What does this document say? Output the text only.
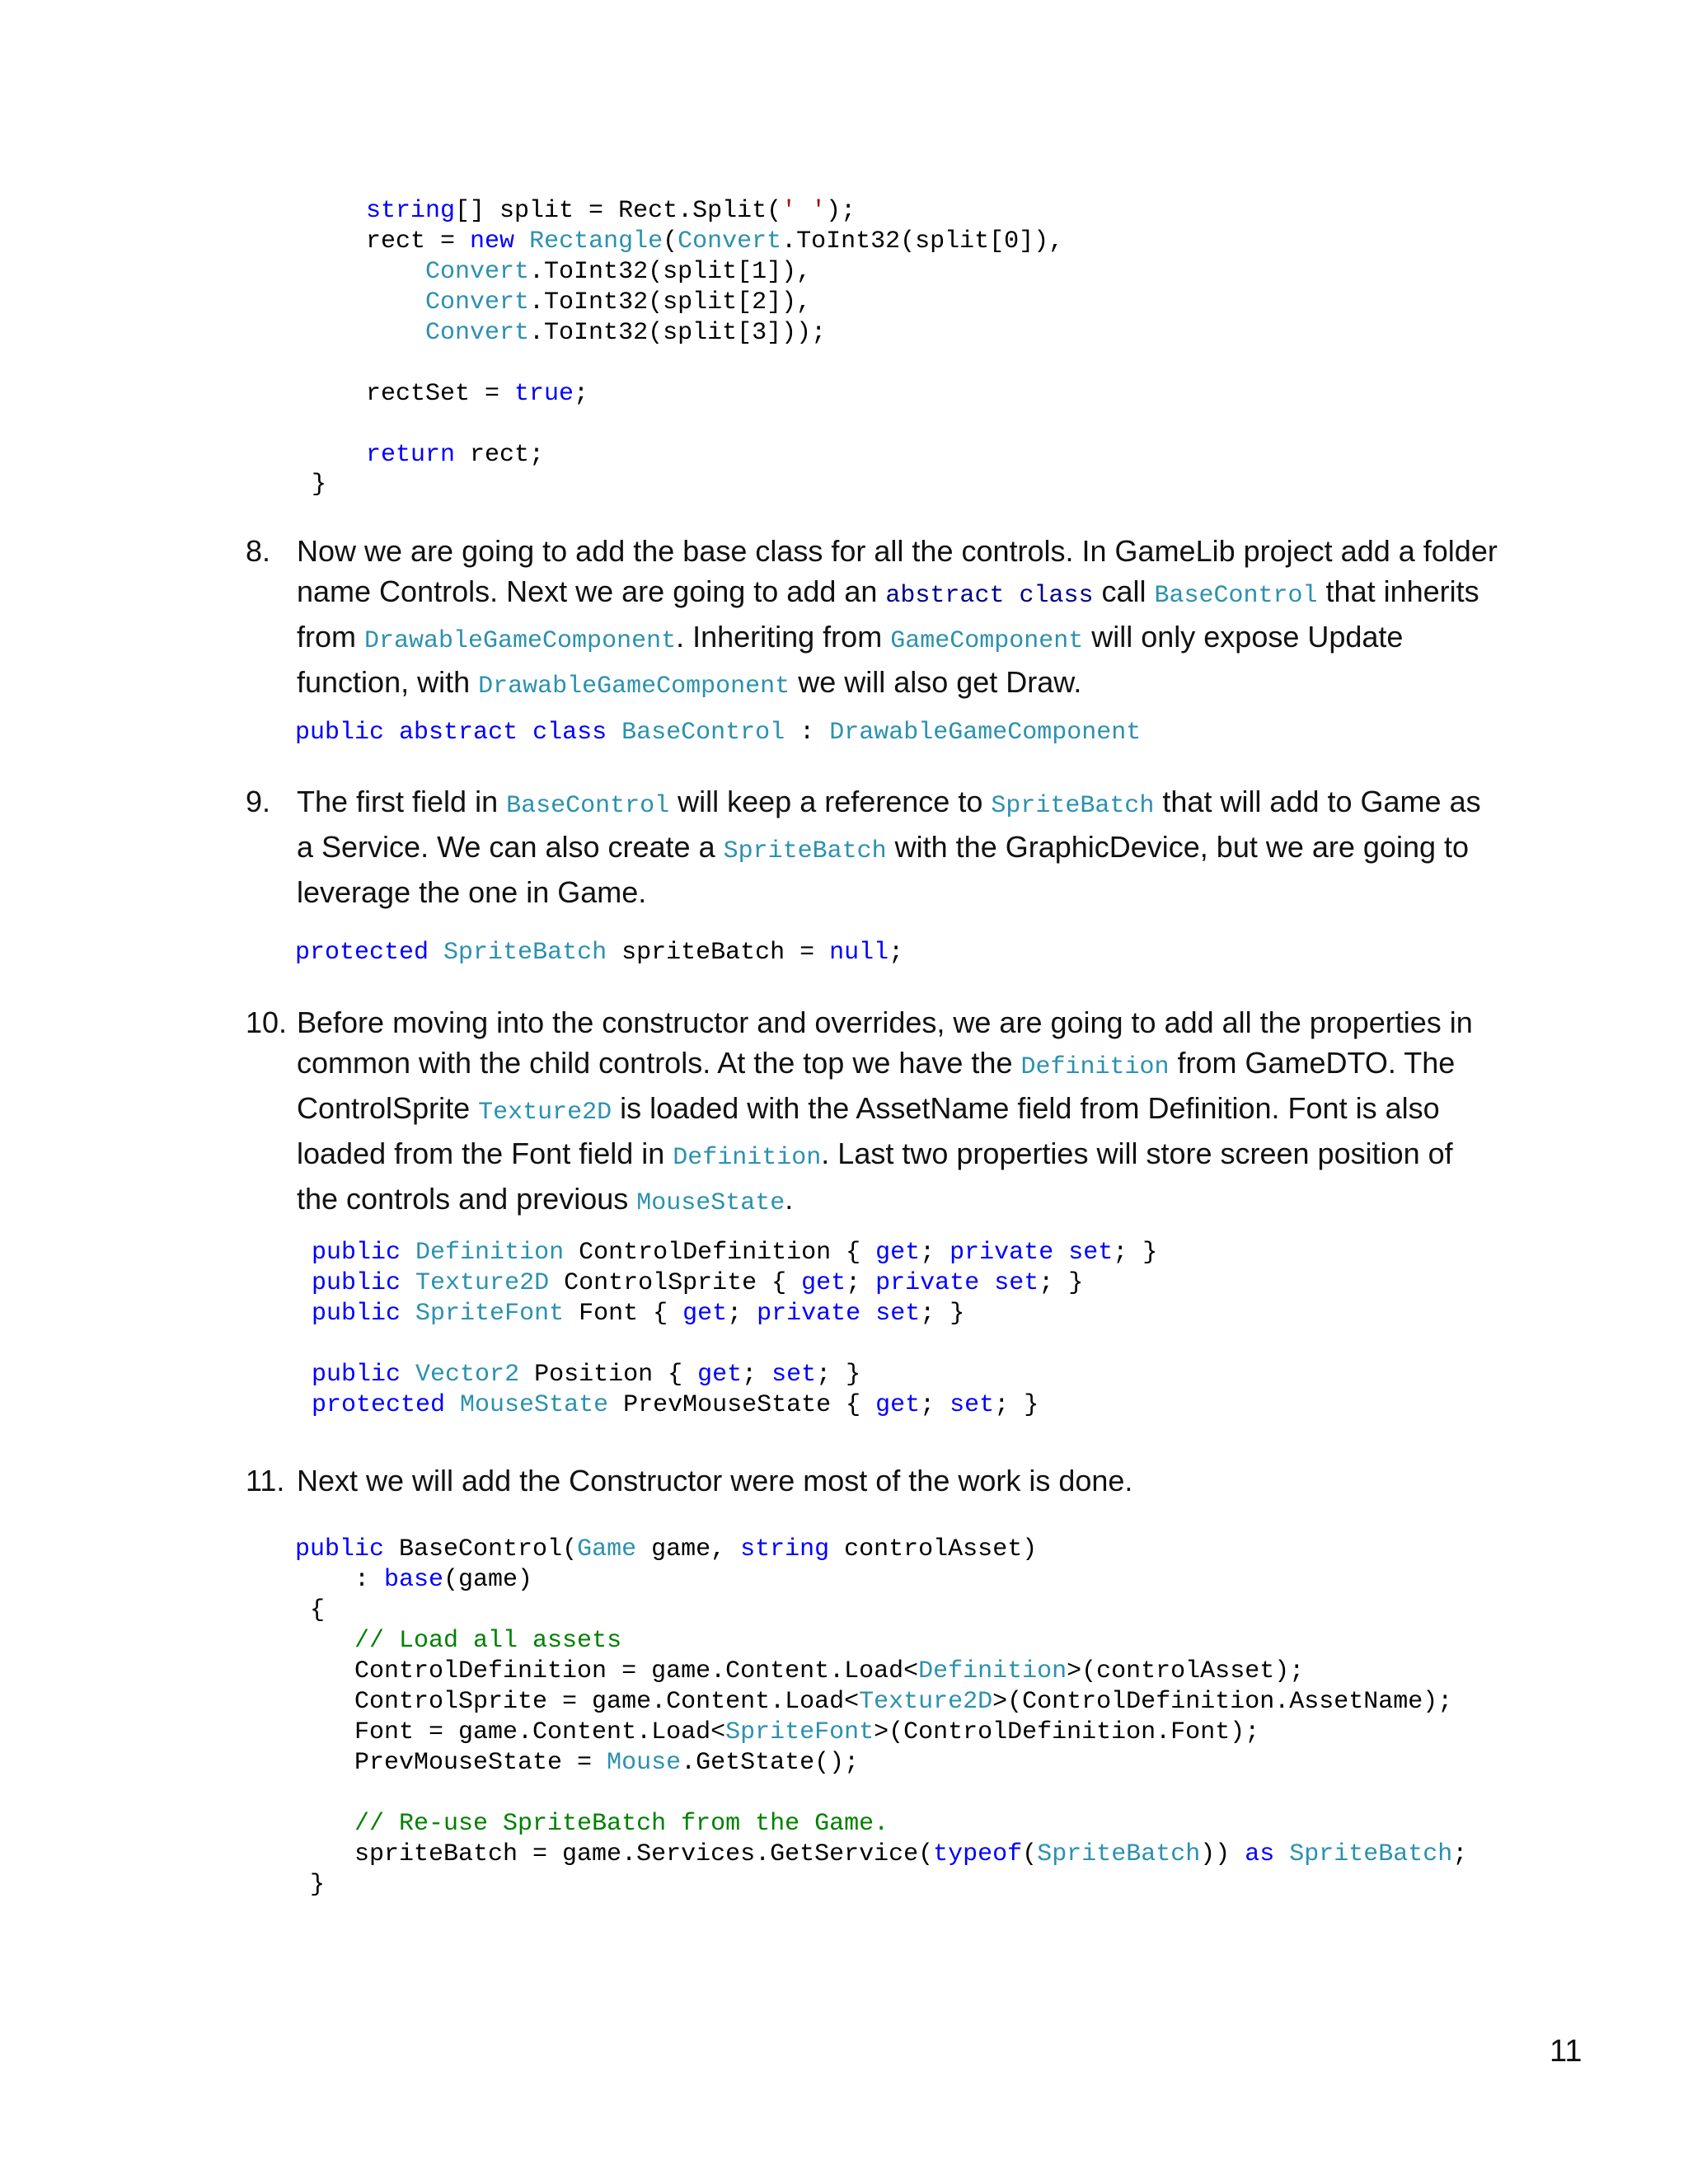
string[] split = Rect.Split(' ');
rect = new Rectangle(Convert.ToInt32(split[0]),
Convert.ToInt32(split[1]),
Convert.ToInt32(split[2]),
Convert.ToInt32(split[3]));

rectSet = true;

return rect;
}
8. Now we are going to add the base class for all the controls. In GameLib project add a folder name Controls. Next we are going to add an abstract class call BaseControl that inherits from DrawableGameComponent. Inheriting from GameComponent will only expose Update function, with DrawableGameComponent we will also get Draw.
public abstract class BaseControl : DrawableGameComponent
9. The first field in BaseControl will keep a reference to SpriteBatch that will add to Game as a Service. We can also create a SpriteBatch with the GraphicDevice, but we are going to leverage the one in Game.
protected SpriteBatch spriteBatch = null;
10. Before moving into the constructor and overrides, we are going to add all the properties in common with the child controls. At the top we have the Definition from GameDTO. The ControlSprite Texture2D is loaded with the AssetName field from Definition. Font is also loaded from the Font field in Definition. Last two properties will store screen position of the controls and previous MouseState.
public Definition ControlDefinition { get; private set; }
public Texture2D ControlSprite { get; private set; }
public SpriteFont Font { get; private set; }

public Vector2 Position { get; set; }
protected MouseState PrevMouseState { get; set; }
11. Next we will add the Constructor were most of the work is done.
public BaseControl(Game game, string controlAsset)
: base(game)
{
// Load all assets
ControlDefinition = game.Content.Load<Definition>(controlAsset);
ControlSprite = game.Content.Load<Texture2D>(ControlDefinition.AssetName);
Font = game.Content.Load<SpriteFont>(ControlDefinition.Font);
PrevMouseState = Mouse.GetState();

// Re-use SpriteBatch from the Game.
spriteBatch = game.Services.GetService(typeof(SpriteBatch)) as SpriteBatch;
}
11
